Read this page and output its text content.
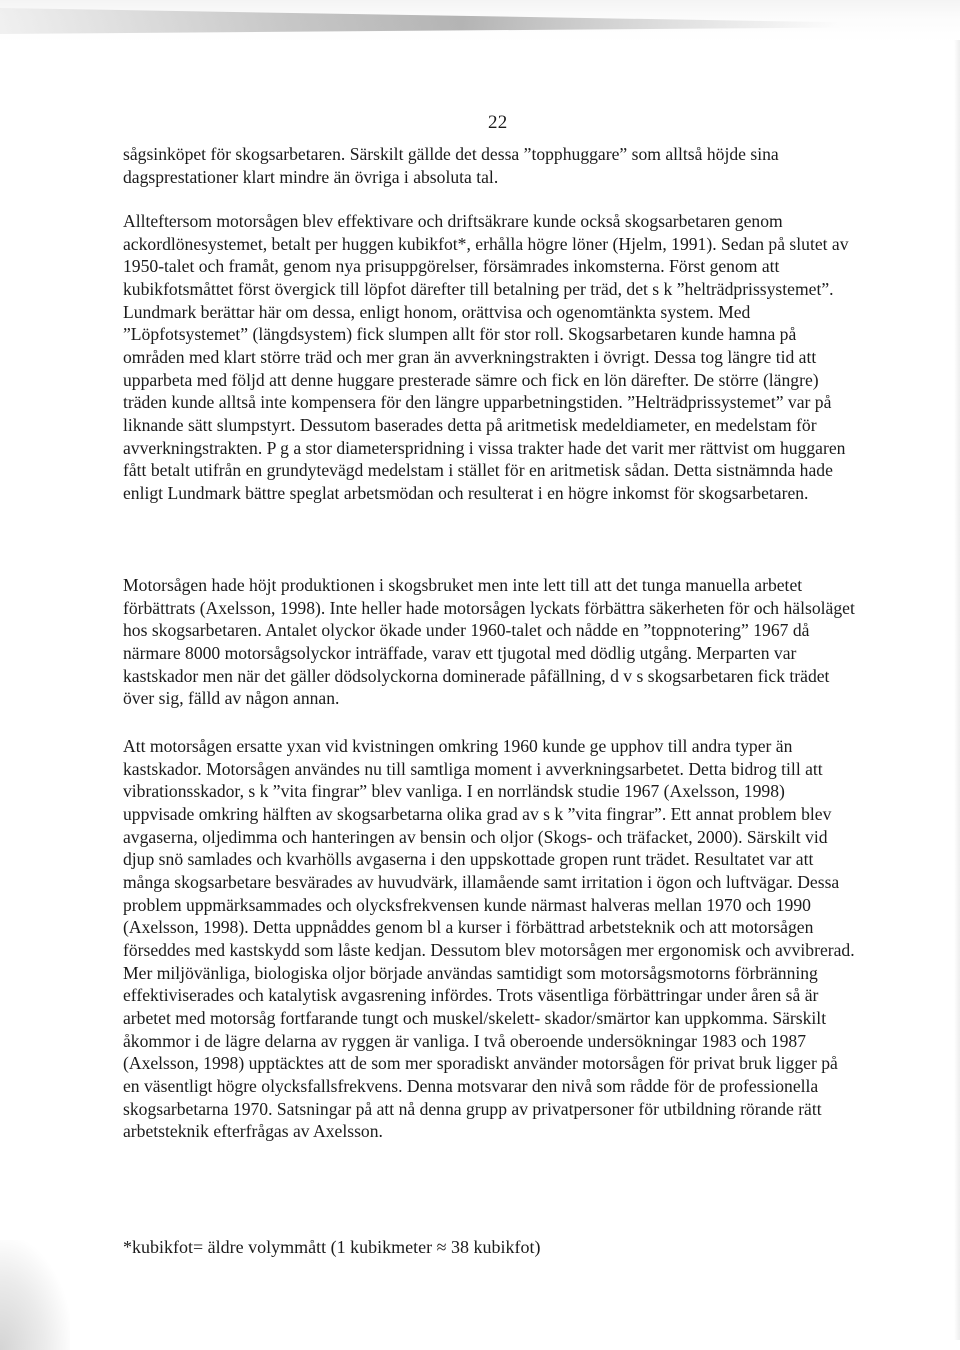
22

sågsinköpet för skogsarbetaren. Särskilt gällde det dessa ”topphuggare” som alltså höjde sina dagsprestationer klart mindre än övriga i absoluta tal.

Allteftersom motorsågen blev effektivare och driftsäkrare kunde också skogsarbetaren genom ackordlönesystemet, betalt per huggen kubikfot*, erhålla högre löner (Hjelm, 1991). Sedan på slutet av 1950-talet och framåt, genom nya prisuppgörelser, försämrades inkomsterna. Först genom att kubikfotsmåttet först övergick till löpfot därefter till betalning per träd, det s k ”helträdprissystemet”. Lundmark berättar här om dessa, enligt honom, orättvisa och ogenomtänkta system. Med ”Löpfotsystemet” (längdsystem) fick slumpen allt för stor roll. Skogsarbetaren kunde hamna på områden med klart större träd och mer gran än avverkningstrakten i övrigt. Dessa tog längre tid att upparbeta med följd att denne huggare presterade sämre och fick en lön därefter. De större (längre) träden kunde alltså inte kompensera för den längre upparbetningstiden. ”Helträdprissystemet” var på liknande sätt slumpstyrt. Dessutom baserades detta på aritmetisk medeldiameter, en medelstam för avverkningstrakten. P g a stor diameterspridning i vissa trakter hade det varit mer rättvist om huggaren fått betalt utifrån en grundytevägd medelstam i stället för en aritmetisk sådan. Detta sistnämnda hade enligt Lundmark bättre speglat arbetsmödan och resulterat i en högre inkomst för skogsarbetaren.

Motorsågen hade höjt produktionen i skogsbruket men inte lett till att det tunga manuella arbetet förbättrats (Axelsson, 1998). Inte heller hade motorsågen lyckats förbättra säkerheten för och hälsoläget hos skogsarbetaren. Antalet olyckor ökade under 1960-talet och nådde en ”toppnotering” 1967 då närmare 8000 motorsågsolyckor inträffade, varav ett tjugotal med dödlig utgång. Merparten var kastskador men när det gäller dödsolyckorna dominerade påfällning, d v s skogsarbetaren fick trädet över sig, fälld av någon annan.

Att motorsågen ersatte yxan vid kvistningen omkring 1960 kunde ge upphov till andra typer än kastskador. Motorsågen användes nu till samtliga moment i avverkningsarbetet. Detta bidrog till att vibrationsskador, s k ”vita fingrar” blev vanliga. I en norrländsk studie 1967 (Axelsson, 1998) uppvisade omkring hälften av skogsarbetarna olika grad av s k ”vita fingrar”. Ett annat problem blev avgaserna, oljedimma och hanteringen av bensin och oljor (Skogs- och träfacket, 2000). Särskilt vid djup snö samlades och kvarhölls avgaserna i den uppskottade gropen runt trädet. Resultatet var att många skogsarbetare besvärades av huvudvärk, illamående samt irritation i ögon och luftvägar. Dessa problem uppmärksammades och olycksfrekvensen kunde närmast halveras mellan 1970 och 1990 (Axelsson, 1998). Detta uppnåddes genom bl a kurser i förbättrad arbetsteknik och att motorsågen förseddes med kastskydd som låste kedjan. Dessutom blev motorsågen mer ergonomisk och avvibrerad. Mer miljövänliga, biologiska oljor började användas samtidigt som motorsågsmotorns förbränning effektiviserades och katalytisk avgasrening infördes. Trots väsentliga förbättringar under åren så är arbetet med motorsåg fortfarande tungt och muskel/skelett- skador/smärtor kan uppkomma. Särskilt åkommor i de lägre delarna av ryggen är vanliga. I två oberoende undersökningar 1983 och 1987 (Axelsson, 1998) upptäcktes att de som mer sporadiskt använder motorsågen för privat bruk ligger på en väsentligt högre olycksfallsfrekvens. Denna motsvarar den nivå som rådde för de professionella skogsarbetarna 1970. Satsningar på att nå denna grupp av privatpersoner för utbildning rörande rätt arbetsteknik efterfrågas av Axelsson.

*kubikfot= äldre volymmått (1 kubikmeter ≈ 38 kubikfot)
